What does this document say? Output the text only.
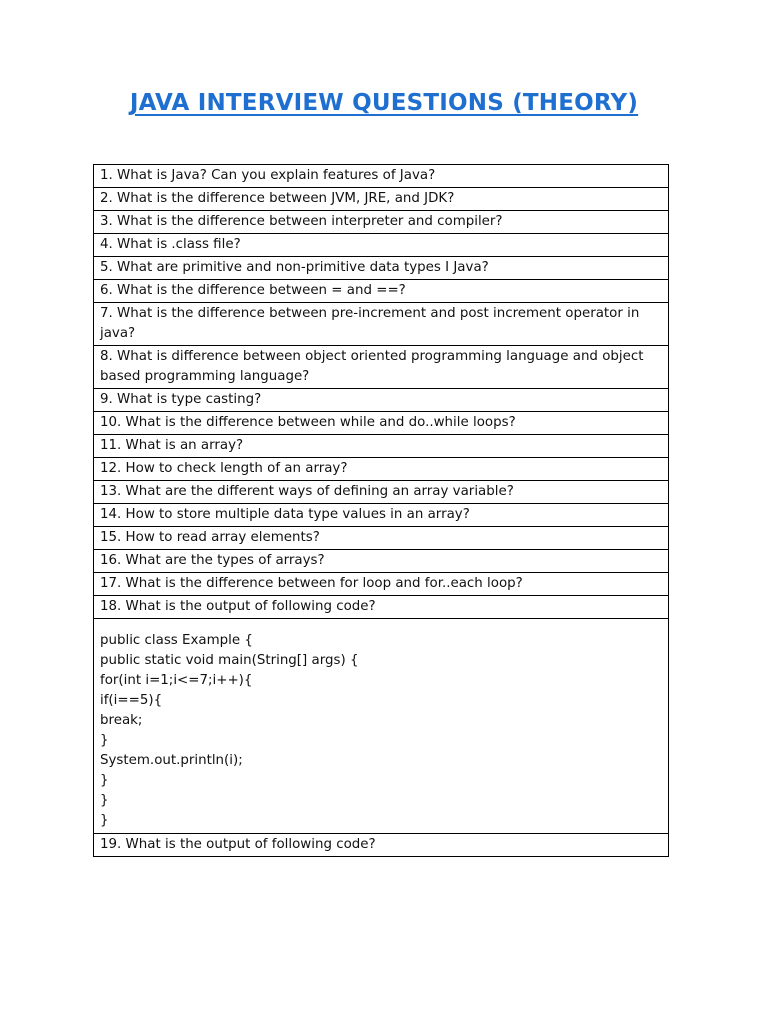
JAVA INTERVIEW QUESTIONS (THEORY)
1. What is Java? Can you explain features of Java?
2. What is the difference between JVM, JRE, and JDK?
3. What is the difference between interpreter and compiler?
4. What is .class file?
5. What are primitive and non-primitive data types I Java?
6. What is the difference between = and ==?
7. What is the difference between pre-increment and post increment operator in java?
8. What is difference between object oriented programming language and object based programming language?
9. What is type casting?
10. What is the difference between while and do..while loops?
11. What is an array?
12. How to check length of an array?
13. What are the different ways of defining an array variable?
14. How to store multiple data type values in an array?
15. How to read array elements?
16. What are the types of arrays?
17. What is the difference between for loop and for..each loop?
18. What is the output of following code?

public class Example {
public static void main(String[] args) {
for(int i=1;i<=7;i++){
if(i==5){
break;
}
System.out.println(i);
}
}
}

19. What is the output of following code?
